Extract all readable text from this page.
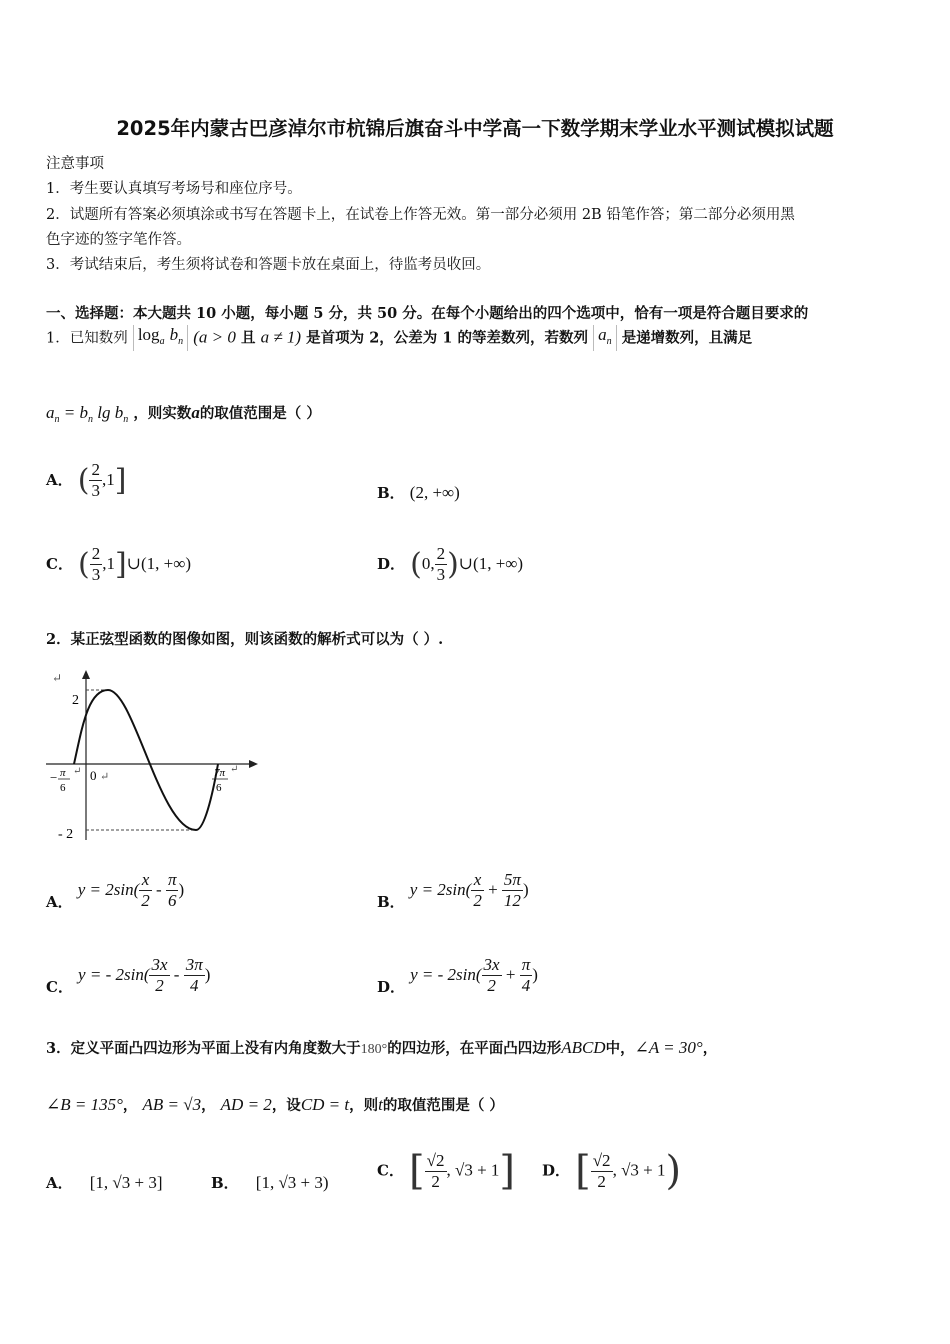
2025年内蒙古巴彦淖尔市杭锦后旗奋斗中学高一下数学期末学业水平测试模拟试题
注意事项
1．考生要认真填写考场号和座位序号。
2．试题所有答案必须填涂或书写在答题卡上，在试卷上作答无效。第一部分必须用 2B 铅笔作答；第二部分必须用黑
色字迹的签字笔作答。
3．考试结束后，考生须将试卷和答题卡放在桌面上，待监考员收回。
一、选择题：本大题共 10 小题，每小题 5 分，共 50 分。在每个小题给出的四个选项中，恰有一项是符合题目要求的
1．已知数列 $\log_a b_n$ (a > 0 且 a ≠ 1) 是首项为 2，公差为 1 的等差数列，若数列 $a_n$ 是递增数列，且满足
$a_n = b_n$ $\lg b_n$ ，则实数a的取值范围是（ ）
A． ( $\frac{2}{3} ,1$]	B． (2, +∞)
C． ( $\frac{2}{3}$ ,1]∪(1, +∞)	D． (0, $\frac{2}{3}$ )∪(1, +∞)
2．某正弦型函数的图像如图，则该函数的解析式可以为（ ）.
↵
2
- 2
0 ↵
− π
6
↵	7π
6
↵
A． $y = 2\sin( \frac{x}{2} - \frac{\pi}{6}$ )
B． $y = 2\sin( \frac{x}{2} + \frac{5\pi}{12}$ )
C． y = - $2\sin( \frac{3x}{2} - \frac{3\pi}{4}$ )
D． y = - $2\sin( \frac{3x}{2} + \frac{\pi}{4}$ )
3．定义平面凸四边形为平面上没有内角度数大于180°的四边形，在平面凸四边形ABCD中，∠A = 30°，
∠B = 135°， AB = √3， AD = 2，设CD = t，则t的取值范围是（ ）
A． [1, √3 + 3]	B． [1, √3 + 3)
C． [ $\frac{√2}{2}$ , √3 + 1] D． [ $\frac{√2}{2}$ , √3 + 1)
